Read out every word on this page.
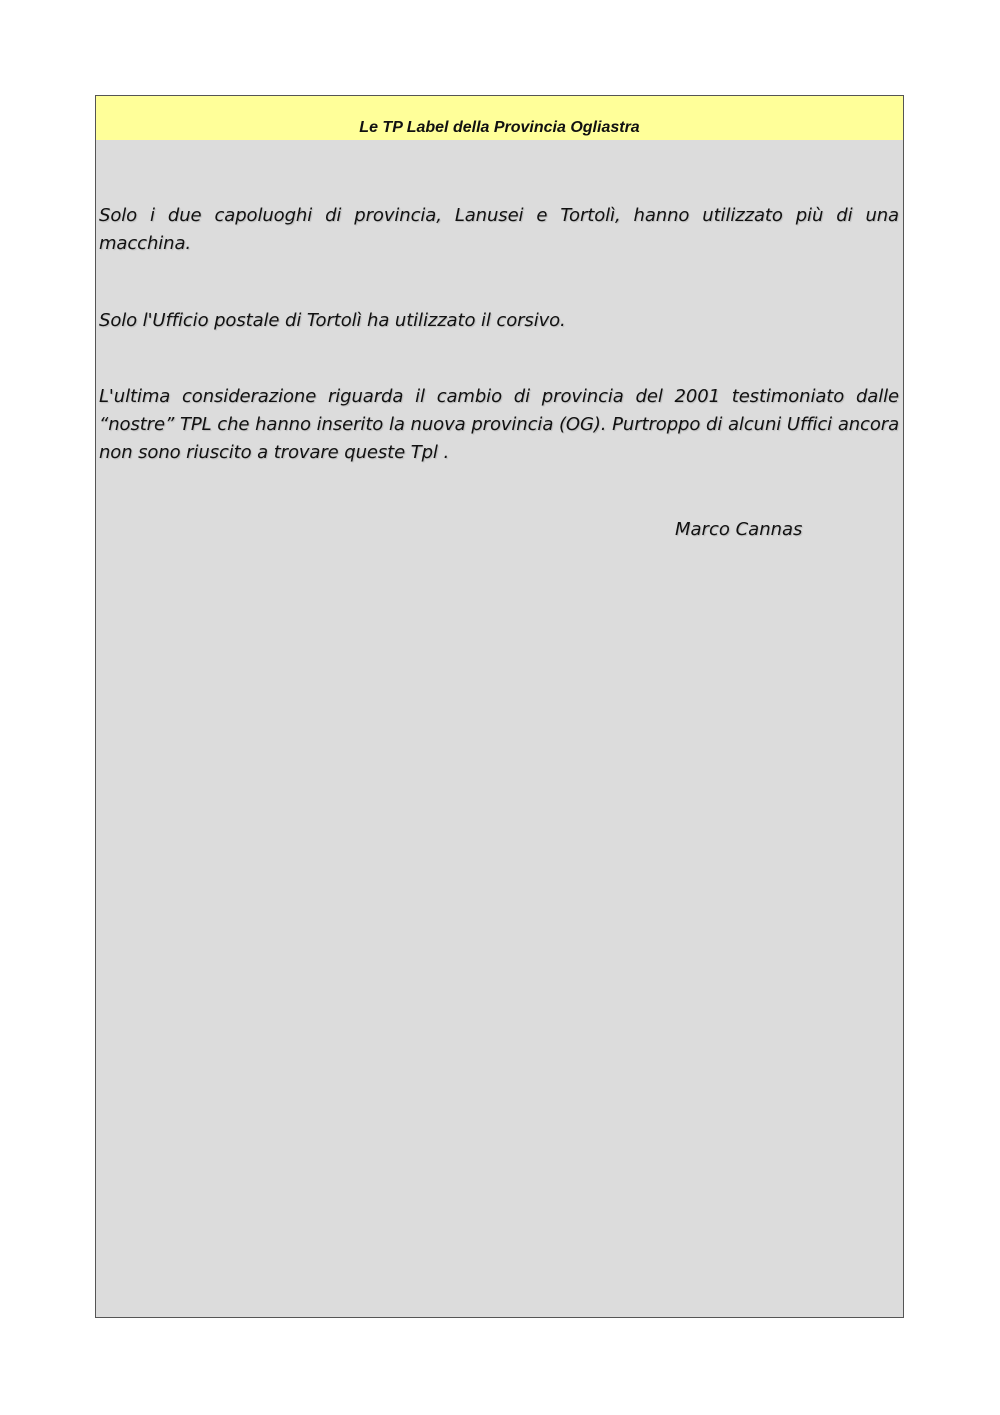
Le TP Label della Provincia Ogliastra
Solo i due capoluoghi di provincia, Lanusei e Tortolì, hanno utilizzato più di una macchina.
Solo l'Ufficio postale di Tortolì ha utilizzato il corsivo.
L'ultima considerazione riguarda il cambio di provincia del 2001 testimoniato dalle “nostre” TPL che hanno inserito la nuova provincia (OG). Purtroppo di alcuni Uffici ancora non sono riuscito a trovare queste Tpl .
Marco Cannas
